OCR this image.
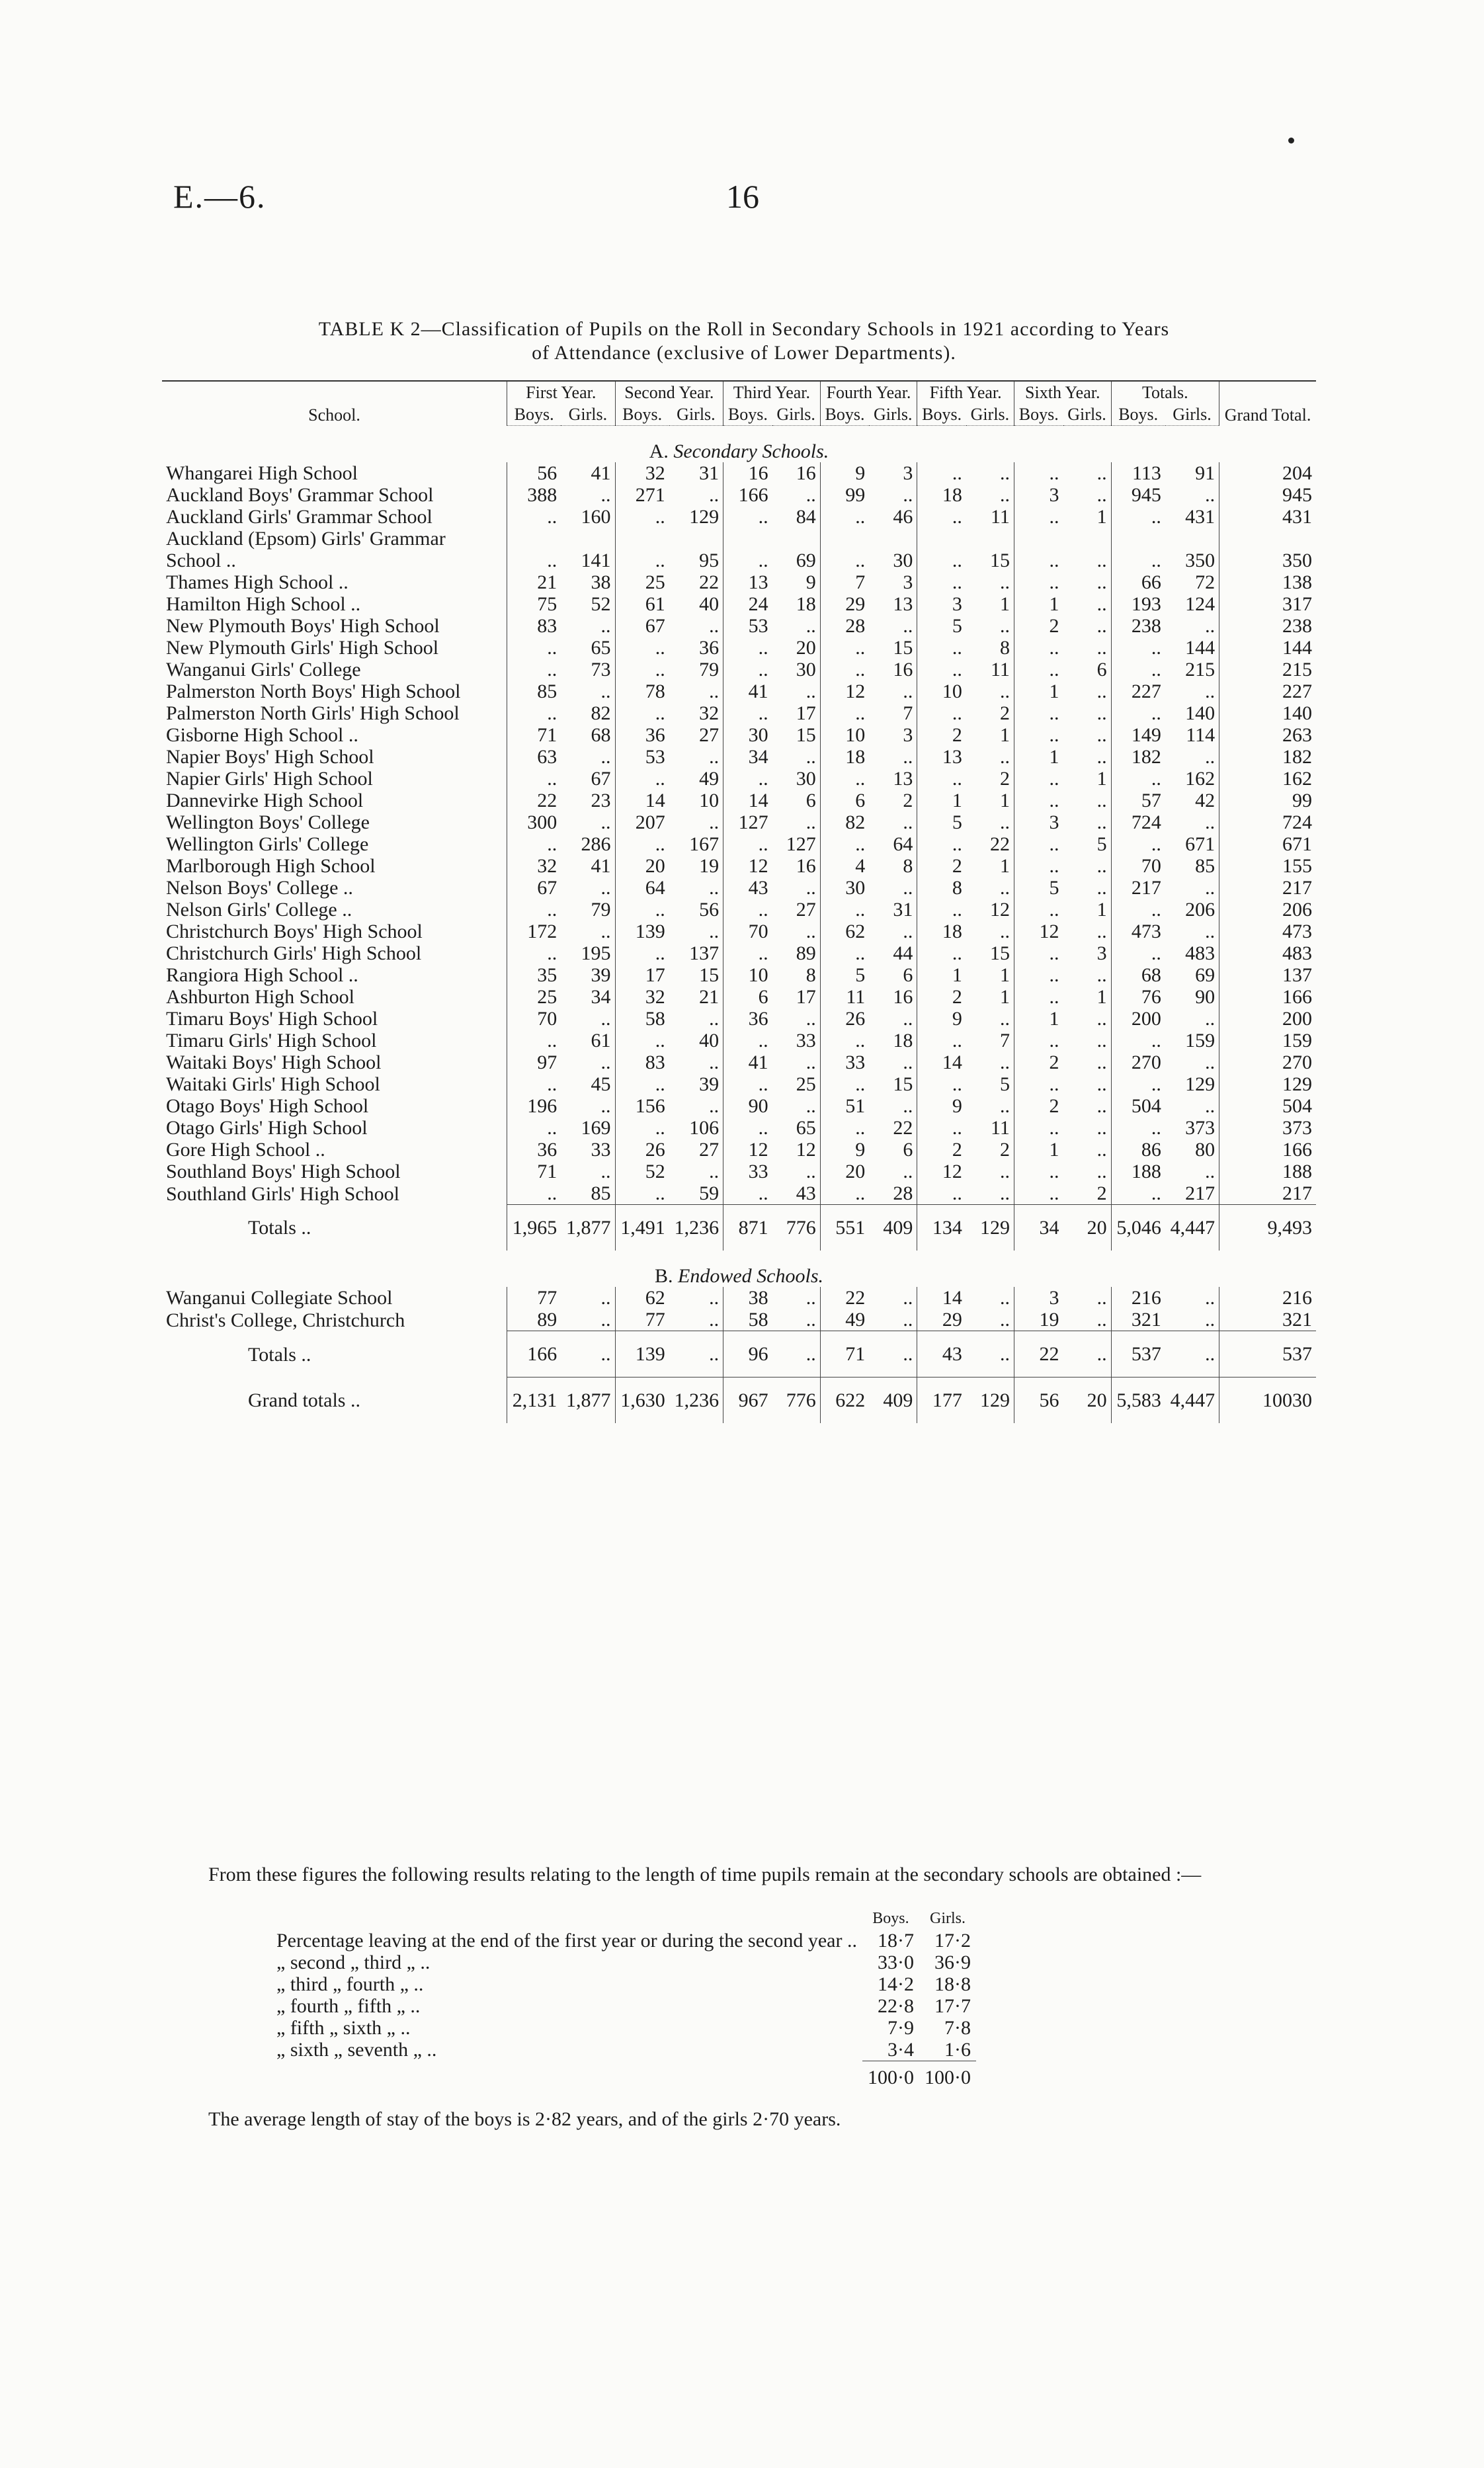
E.—6.	16
TABLE K 2—Classification of Pupils on the Roll in Secondary Schools in 1921 according to Years
of Attendance (exclusive of Lower Departments).
School.	First Year.		Second Year.		Third Year.		Fourth Year.		Fifth Year.		Sixth Year.		Totals.		Grand Total.
	Boys.	Girls.	Boys.	Girls.	Boys.	Girls.	Boys.	Girls.	Boys.	Girls.	Boys.	Girls.	Boys.	Girls.	
A. Secondary Schools.															
Whangarei High School	56	41	32	31	16	16	9	3	..	..	..	..	113	91	204
Auckland Boys' Grammar School	388	..	271	..	166	..	99	..	18	..	3	..	945	..	945
Auckland Girls' Grammar School	..	160	..	129	..	84	..	46	..	11	..	1	..	431	431
Auckland (Epsom) Girls' Grammar School ..	..	141	..	95	..	69	..	30	..	15	..	..	..	350	350
Thames High School ..	21	38	25	22	13	9	7	3	..	..	..	..	66	72	138
Hamilton High School ..	75	52	61	40	24	18	29	13	3	1	1	..	193	124	317
New Plymouth Boys' High School	83	..	67	..	53	..	28	..	5	..	2	..	238	..	238
New Plymouth Girls' High School	..	65	..	36	..	20	..	15	..	8	..	..	..	144	144
Wanganui Girls' College	..	73	..	79	..	30	..	16	..	11	..	6	..	215	215
Palmerston North Boys' High School	85	..	78	..	41	..	12	..	10	..	1	..	227	..	227
Palmerston North Girls' High School	..	82	..	32	..	17	..	7	..	2	..	..	..	140	140
Gisborne High School ..	71	68	36	27	30	15	10	3	2	1	..	..	149	114	263
Napier Boys' High School	63	..	53	..	34	..	18	..	13	..	1	..	182	..	182
Napier Girls' High School	..	67	..	49	..	30	..	13	..	2	..	1	..	162	162
Dannevirke High School	22	23	14	10	14	6	6	2	1	1	..	..	57	42	99
Wellington Boys' College	300	..	207	..	127	..	82	..	5	..	3	..	724	..	724
Wellington Girls' College	..	286	..	167	..	127	..	64	..	22	..	5	..	671	671
Marlborough High School	32	41	20	19	12	16	4	8	2	1	..	..	70	85	155
Nelson Boys' College ..	67	..	64	..	43	..	30	..	8	..	5	..	217	..	217
Nelson Girls' College ..	..	79	..	56	..	27	..	31	..	12	..	1	..	206	206
Christchurch Boys' High School	172	..	139	..	70	..	62	..	18	..	12	..	473	..	473
Christchurch Girls' High School	..	195	..	137	..	89	..	44	..	15	..	3	..	483	483
Rangiora High School ..	35	39	17	15	10	8	5	6	1	1	..	..	68	69	137
Ashburton High School	25	34	32	21	6	17	11	16	2	1	..	1	76	90	166
Timaru Boys' High School	70	..	58	..	36	..	26	..	9	..	1	..	200	..	200
Timaru Girls' High School	..	61	..	40	..	33	..	18	..	7	..	..	..	159	159
Waitaki Boys' High School	97	..	83	..	41	..	33	..	14	..	2	..	270	..	270
Waitaki Girls' High School	..	45	..	39	..	25	..	15	..	5	..	..	..	129	129
Otago Boys' High School	196	..	156	..	90	..	51	..	9	..	2	..	504	..	504
Otago Girls' High School	..	169	..	106	..	65	..	22	..	11	..	..	..	373	373
Gore High School ..	36	33	26	27	12	12	9	6	2	2	1	..	86	80	166
Southland Boys' High School	71	..	52	..	33	..	20	..	12	..	..	..	188	..	188
Southland Girls' High School	..	85	..	59	..	43	..	28	..	..	..	2	..	217	217
Totals ..	1,965	1,877	1,491	1,236	871	776	551	409	134	129	34	20	5,046	4,447	9,493
B. Endowed Schools.															
Wanganui Collegiate School	77	..	62	..	38	..	22	..	14	..	3	..	216	..	216
Christ's College, Christchurch	89	..	77	..	58	..	49	..	29	..	19	..	321	..	321
Totals ..	166	..	139	..	96	..	71	..	43	..	22	..	537	..	537
Grand totals ..	2,131	1,877	1,630	1,236	967	776	622	409	177	129	56	20	5,583	4,447	10030
From these figures the following results relating to the length of time pupils remain at the secondary schools are obtained :—
	Boys.	Girls.
Percentage leaving at the end of the first year or during the second year ..	18·7	17·2
„ second „ third „ ..	33·0	36·9
„ third „ fourth „ ..	14·2	18·8
„ fourth „ fifth „ ..	22·8	17·7
„ fifth „ sixth „ ..	7·9	7·8
„ sixth „ seventh „ ..	3·4	1·6
	100·0	100·0
The average length of stay of the boys is 2·82 years, and of the girls 2·70 years.
